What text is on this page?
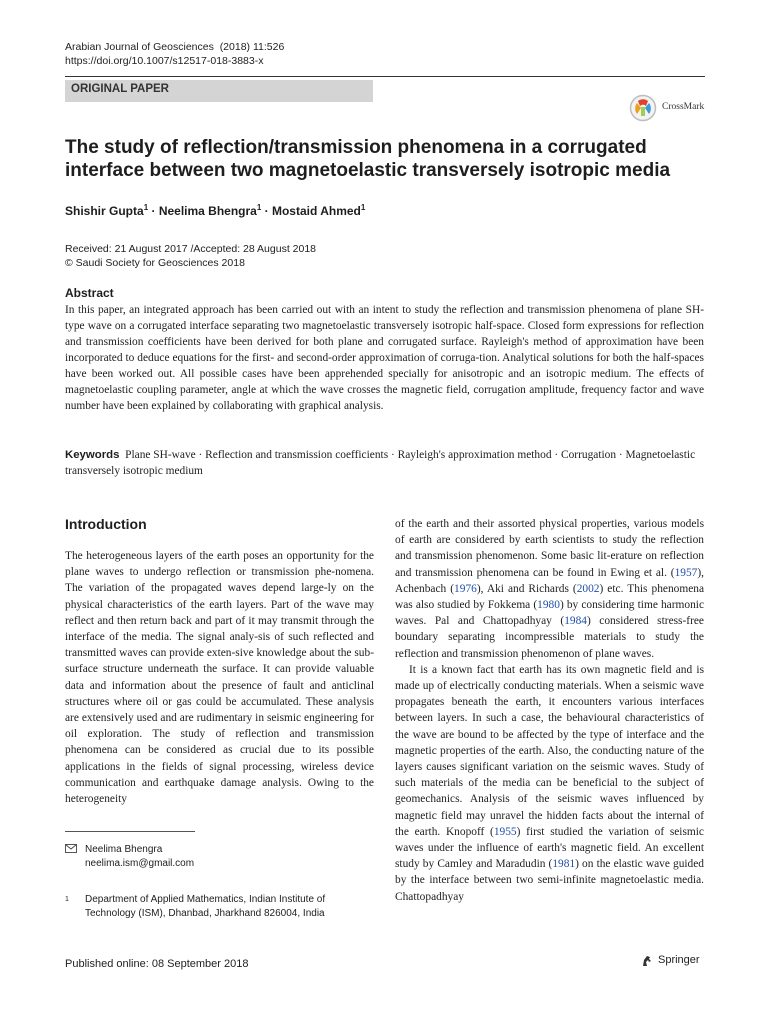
Arabian Journal of Geosciences (2018) 11:526
https://doi.org/10.1007/s12517-018-3883-x
ORIGINAL PAPER
CrossMark
The study of reflection/transmission phenomena in a corrugated interface between two magnetoelastic transversely isotropic media
Shishir Gupta$^1$ · Neelima Bhengra$^1$ · Mostaid Ahmed$^1$
Received: 21 August 2017 /Accepted: 28 August 2018
© Saudi Society for Geosciences 2018
Abstract
In this paper, an integrated approach has been carried out with an intent to study the reflection and transmission phenomena of plane SH-type wave on a corrugated interface separating two magnetoelastic transversely isotropic half-space. Closed form expressions for reflection and transmission coefficients have been derived for both plane and corrugated surface. Rayleigh's method of approximation have been incorporated to deduce equations for the first- and second-order approximation of corruga-tion. Analytical solutions for both the half-spaces have been worked out. All possible cases have been apprehended specially for anisotropic and an isotropic medium. The effects of magnetoelastic coupling parameter, angle at which the wave crosses the magnetic field, corrugation amplitude, frequency factor and wave number have been explained by collaborating with graphical analysis.
Keywords Plane SH-wave · Reflection and transmission coefficients · Rayleigh's approximation method · Corrugation · Magnetoelastic transversely isotropic medium
Introduction

The heterogeneous layers of the earth poses an opportunity for the plane waves to undergo reflection or transmission phe-nomena. The variation of the propagated waves depend large-ly on the physical characteristics of the earth layers. Part of the wave may reflect and then return back and part of it may transmit through the interface of the media. The signal analy-sis of such reflected and transmitted waves can provide exten-sive knowledge about the sub-surface structure underneath the surface. It can provide valuable data and information about the presence of fault and anticlinal structures where oil or gas could be accumulated. These analysis are extensively used and are rudimentary in seismic engineering for oil exploration. The study of reflection and transmission phenomena can be considered as crucial due to its possible applications in the fields of signal processing, wireless device communication and earthquake damage analysis. Owing to the heterogeneity

of the earth and their assorted physical properties, various models of earth are considered by earth scientists to study the reflection and transmission phenomenon. Some basic lit-erature on reflection and transmission phenomena can be found in Ewing et al. (1957), Achenbach (1976), Aki and Richards (2002) etc. This phenomena was also studied by Fokkema (1980) by considering time harmonic waves. Pal and Chattopadhyay (1984) considered stress-free boundary separating incompressible materials to study the reflection and transmission phenomenon of plane waves.

It is a known fact that earth has its own magnetic field and is made up of electrically conducting materials. When a seismic wave propagates beneath the earth, it encounters various interfaces between layers. In such a case, the behavioural characteristics of the wave are bound to be affected by the type of interface and the magnetic properties of the earth. Also, the conducting nature of the layers causes significant variation on the seismic waves. Study of such materials of the media can be beneficial to the subject of geomechanics. Analysis of the seismic waves influenced by magnetic field may unravel the hidden facts about the internal of the earth. Knopoff (1955) first studied the variation of seismic waves under the influence of earth's magnetic field. An excellent study by Camley and Maradudin (1981) on the elastic wave guided by the interface between two semi-infinite magnetoelastic media. Chattopadhyay

Neelima Bhengra
neelima.ism@gmail.com
1 Department of Applied Mathematics, Indian Institute of Technology (ISM), Dhanbad, Jharkhand 826004, India
Published online: 08 September 2018	Springer
